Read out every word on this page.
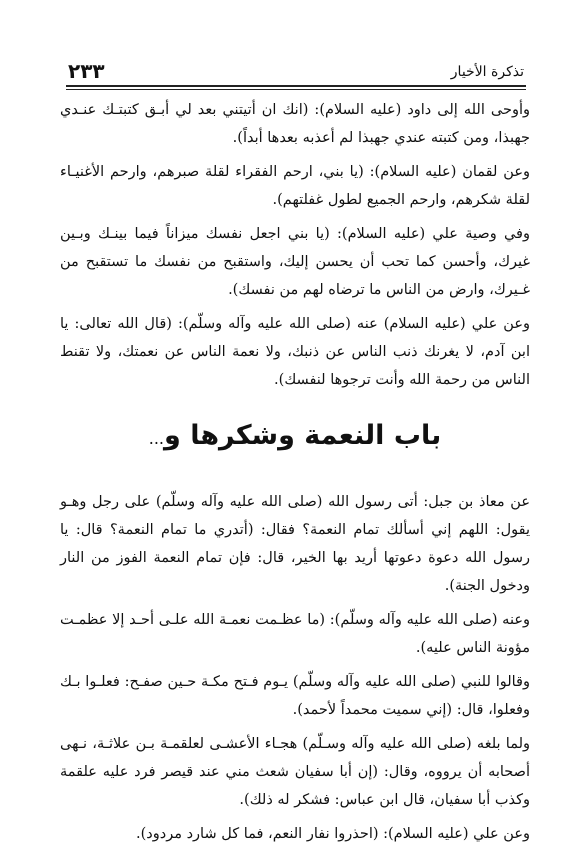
٢٣٣	تذكرة الأخيار

وأوحى الله إلى داود (عليه السلام): (انك ان أتيتني بعد لي أبـق كتبتـك عنـدي جهبذا، ومن كتبته عندي جهبذا لم أعذبه بعدها أبداً).

وعن لقمان (عليه السلام): (يا بني، ارحم الفقراء لقلة صبرهم، وارحم الأغنيـاء لقلة شكرهم، وارحم الجميع لطول غفلتهم).

وفي وصية علي (عليه السلام): (يا بني اجعل نفسك ميزاناً فيما بينـك وبـين غيرك، وأحسن كما تحب أن يحسن إليك، واستقبح من نفسك ما تستقبح من غـيرك، وارض من الناس ما ترضاه لهم من نفسك).

وعن علي (عليه السلام) عنه (صلى الله عليه وآله وسلّم): (قال الله تعالى: يا ابن آدم، لا يغرنك ذنب الناس عن ذنبك، ولا نعمة الناس عن نعمتك، ولا تقنط الناس من رحمة الله وأنت ترجوها لنفسك).

باب النعمة وشكرها و...

عن معاذ بن جبل: أتى رسول الله (صلى الله عليه وآله وسلّم) على رجل وهـو يقول: اللهم إني أسألك تمام النعمة؟ فقال: (أتدري ما تمام النعمة؟ قال: يا رسول الله دعوة دعوتها أريد بها الخير، قال: فإن تمام النعمة الفوز من النار ودخول الجنة).

وعنه (صلى الله عليه وآله وسلّم): (ما عظـمت نعمـة الله علـى أحـد إلا عظمـت مؤونة الناس عليه).

وقالوا للنبي (صلى الله عليه وآله وسلّم) يـوم فـتح مكـة حـين صفـح: فعلـوا بـك وفعلوا، قال: (إني سميت محمداً لأحمد).

ولما بلغه (صلى الله عليه وآله وسـلّم) هجـاء الأعشـى لعلقمـة بـن علاثـة، نـهى أصحابه أن يرووه، وقال: (إن أبا سفيان شعث مني عند قيصر فرد عليه علقمة وكذب أبا سفيان، قال ابن عباس: فشكر له ذلك).

وعن علي (عليه السلام): (احذروا نفار النعم، فما كل شارد مردود).
